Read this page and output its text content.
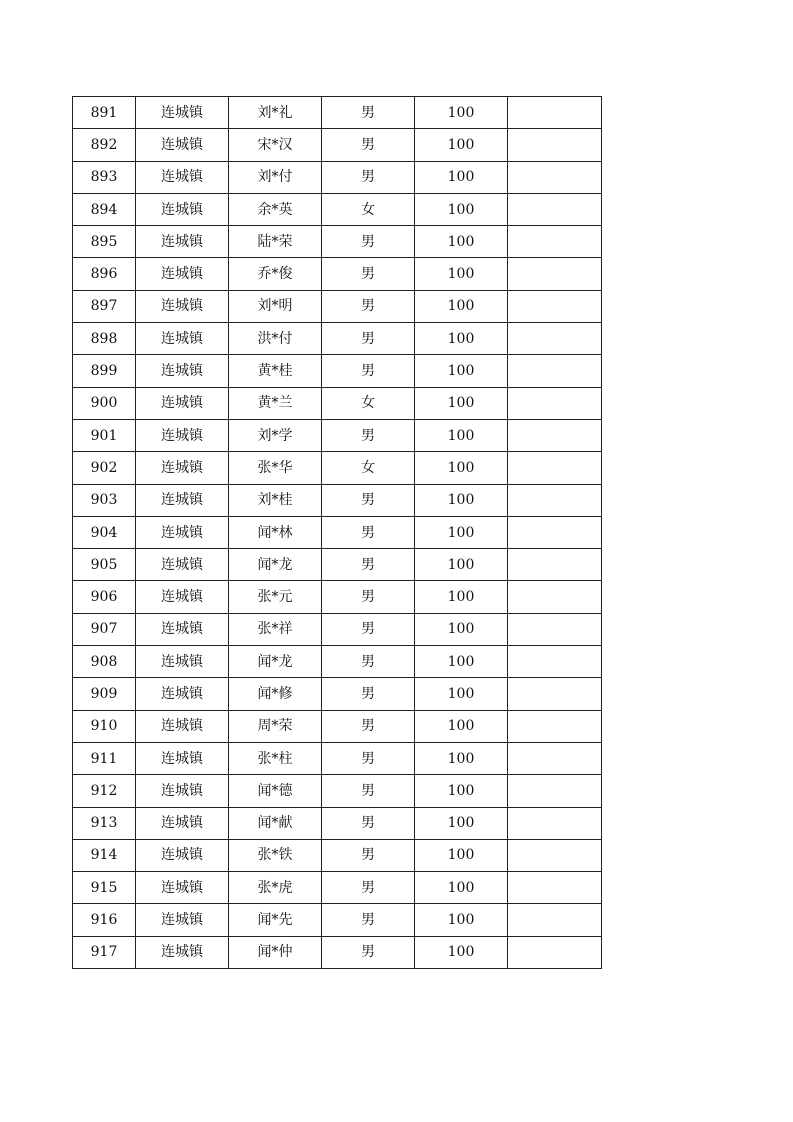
891	连城镇	刘*礼	男	100	
892	连城镇	宋*汉	男	100	
893	连城镇	刘*付	男	100	
894	连城镇	余*英	女	100	
895	连城镇	陆*荣	男	100	
896	连城镇	乔*俊	男	100	
897	连城镇	刘*明	男	100	
898	连城镇	洪*付	男	100	
899	连城镇	黄*桂	男	100	
900	连城镇	黄*兰	女	100	
901	连城镇	刘*学	男	100	
902	连城镇	张*华	女	100	
903	连城镇	刘*桂	男	100	
904	连城镇	闻*林	男	100	
905	连城镇	闻*龙	男	100	
906	连城镇	张*元	男	100	
907	连城镇	张*祥	男	100	
908	连城镇	闻*龙	男	100	
909	连城镇	闻*修	男	100	
910	连城镇	周*荣	男	100	
911	连城镇	张*柱	男	100	
912	连城镇	闻*德	男	100	
913	连城镇	闻*献	男	100	
914	连城镇	张*铁	男	100	
915	连城镇	张*虎	男	100	
916	连城镇	闻*先	男	100	
917	连城镇	闻*仲	男	100	
